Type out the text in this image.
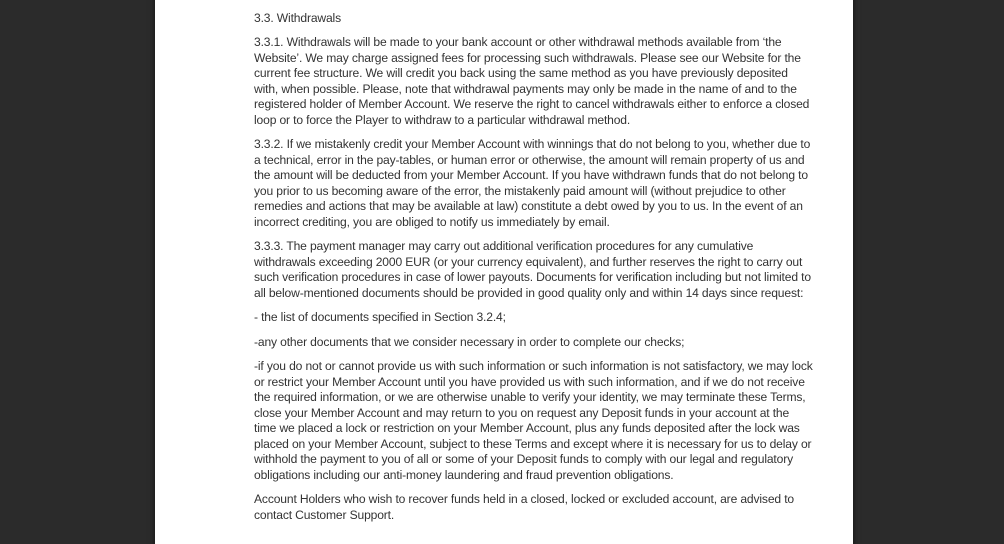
3.3. Withdrawals

3.3.1. Withdrawals will be made to your bank account or other withdrawal methods available from ‘the Website’. We may charge assigned fees for processing such withdrawals. Please see our Website for the current fee structure. We will credit you back using the same method as you have previously deposited with, when possible. Please, note that withdrawal payments may only be made in the name of and to the registered holder of Member Account. We reserve the right to cancel withdrawals either to enforce a closed loop or to force the Player to withdraw to a particular withdrawal method.

3.3.2. If we mistakenly credit your Member Account with winnings that do not belong to you, whether due to a technical, error in the pay-tables, or human error or otherwise, the amount will remain property of us and the amount will be deducted from your Member Account. If you have withdrawn funds that do not belong to you prior to us becoming aware of the error, the mistakenly paid amount will (without prejudice to other remedies and actions that may be available at law) constitute a debt owed by you to us. In the event of an incorrect crediting, you are obliged to notify us immediately by email.

3.3.3. The payment manager may carry out additional verification procedures for any cumulative withdrawals exceeding 2000 EUR (or your currency equivalent), and further reserves the right to carry out such verification procedures in case of lower payouts. Documents for verification including but not limited to all below-mentioned documents should be provided in good quality only and within 14 days since request:

- the list of documents specified in Section 3.2.4;

-any other documents that we consider necessary in order to complete our checks;

-if you do not or cannot provide us with such information or such information is not satisfactory, we may lock or restrict your Member Account until you have provided us with such information, and if we do not receive the required information, or we are otherwise unable to verify your identity, we may terminate these Terms, close your Member Account and may return to you on request any Deposit funds in your account at the time we placed a lock or restriction on your Member Account, plus any funds deposited after the lock was placed on your Member Account, subject to these Terms and except where it is necessary for us to delay or withhold the payment to you of all or some of your Deposit funds to comply with our legal and regulatory obligations including our anti-money laundering and fraud prevention obligations.

Account Holders who wish to recover funds held in a closed, locked or excluded account, are advised to contact Customer Support.
